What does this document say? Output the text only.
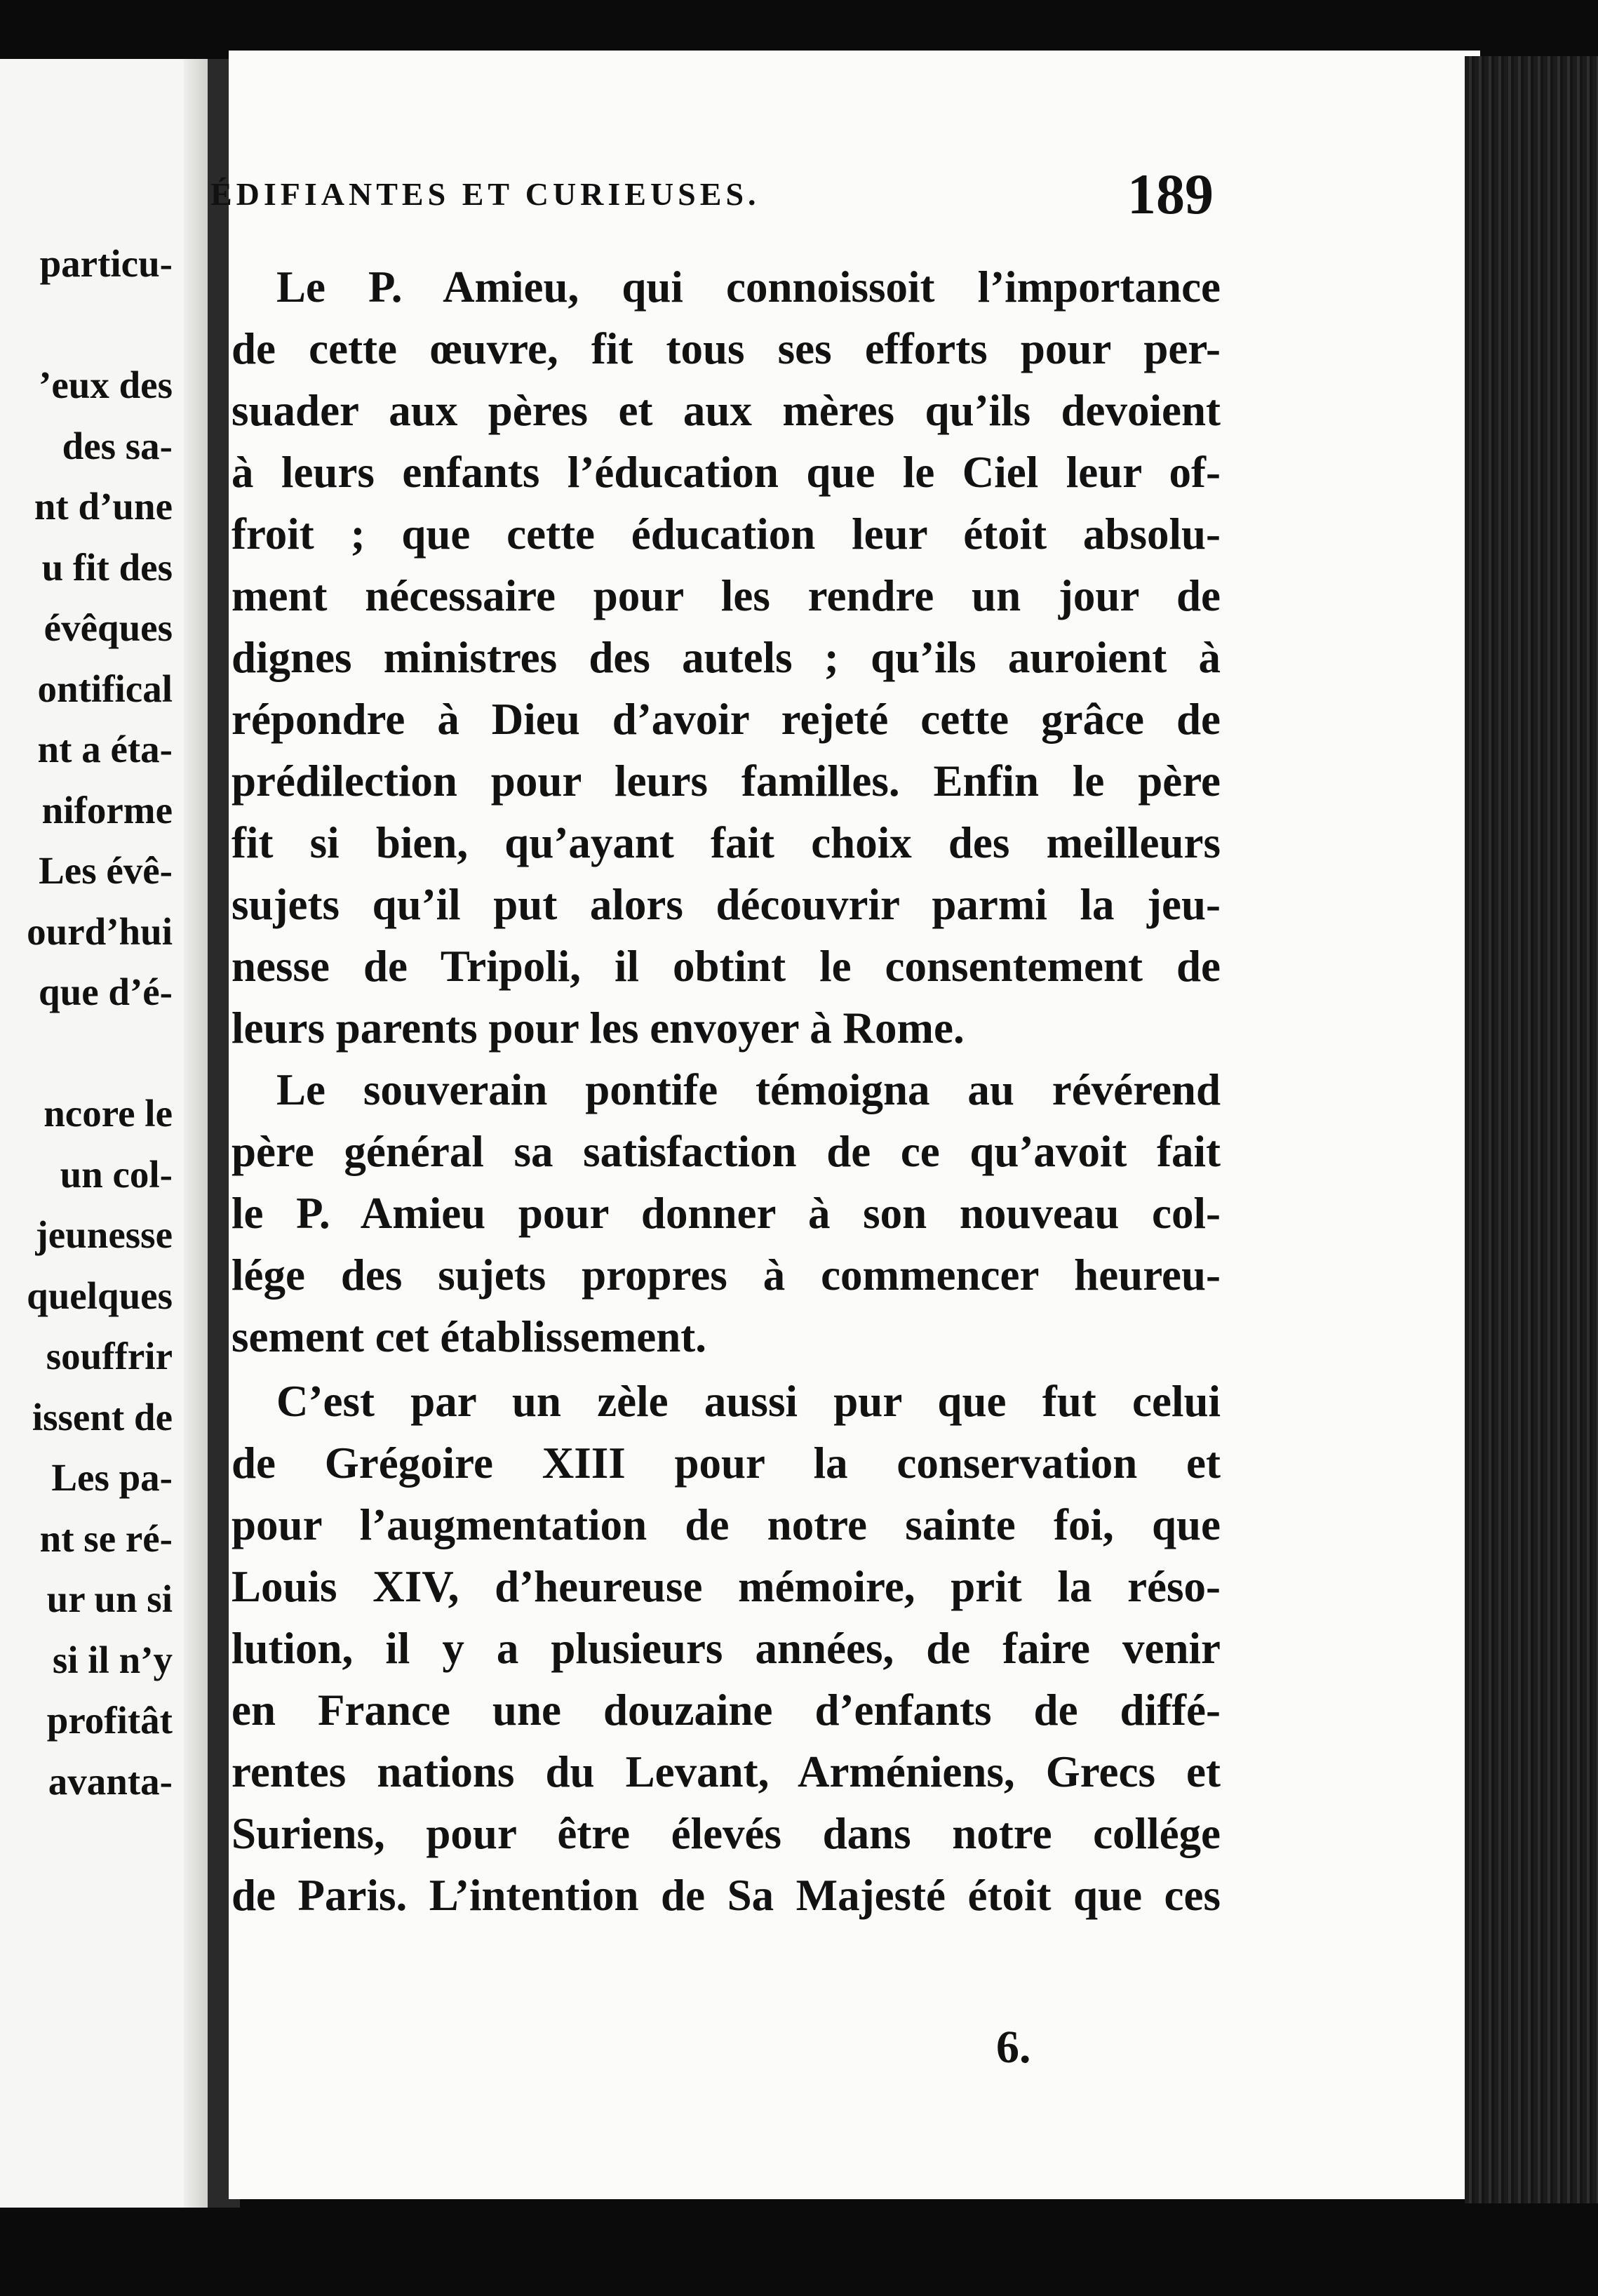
particu-
’eux des
des sa-
nt d’une
u fit des
évêques
ontifical
nt a éta-
niforme
Les évê-
ourd’hui
que d’é-
ncore le
un col-
jeunesse
quelques
souffrir
issent de
Les pa-
nt se ré-
ur un si
si il n’y
profitât
avanta-
ÉDIFIANTES ET CURIEUSES.	189
Le P. Amieu, qui connoissoit l’importance
de cette œuvre, fit tous ses efforts pour per-
suader aux pères et aux mères qu’ils devoient
à leurs enfants l’éducation que le Ciel leur of-
froit ; que cette éducation leur étoit absolu-
ment nécessaire pour les rendre un jour de
dignes ministres des autels ; qu’ils auroient à
répondre à Dieu d’avoir rejeté cette grâce de
prédilection pour leurs familles. Enfin le père
fit si bien, qu’ayant fait choix des meilleurs
sujets qu’il put alors découvrir parmi la jeu-
nesse de Tripoli, il obtint le consentement de
leurs parents pour les envoyer à Rome.
Le souverain pontife témoigna au révérend
père général sa satisfaction de ce qu’avoit fait
le P. Amieu pour donner à son nouveau col-
lége des sujets propres à commencer heureu-
sement cet établissement.
C’est par un zèle aussi pur que fut celui
de Grégoire XIII pour la conservation et
pour l’augmentation de notre sainte foi, que
Louis XIV, d’heureuse mémoire, prit la réso-
lution, il y a plusieurs années, de faire venir
en France une douzaine d’enfants de diffé-
rentes nations du Levant, Arméniens, Grecs et
Suriens, pour être élevés dans notre collége
de Paris. L’intention de Sa Majesté étoit que ces
6.
